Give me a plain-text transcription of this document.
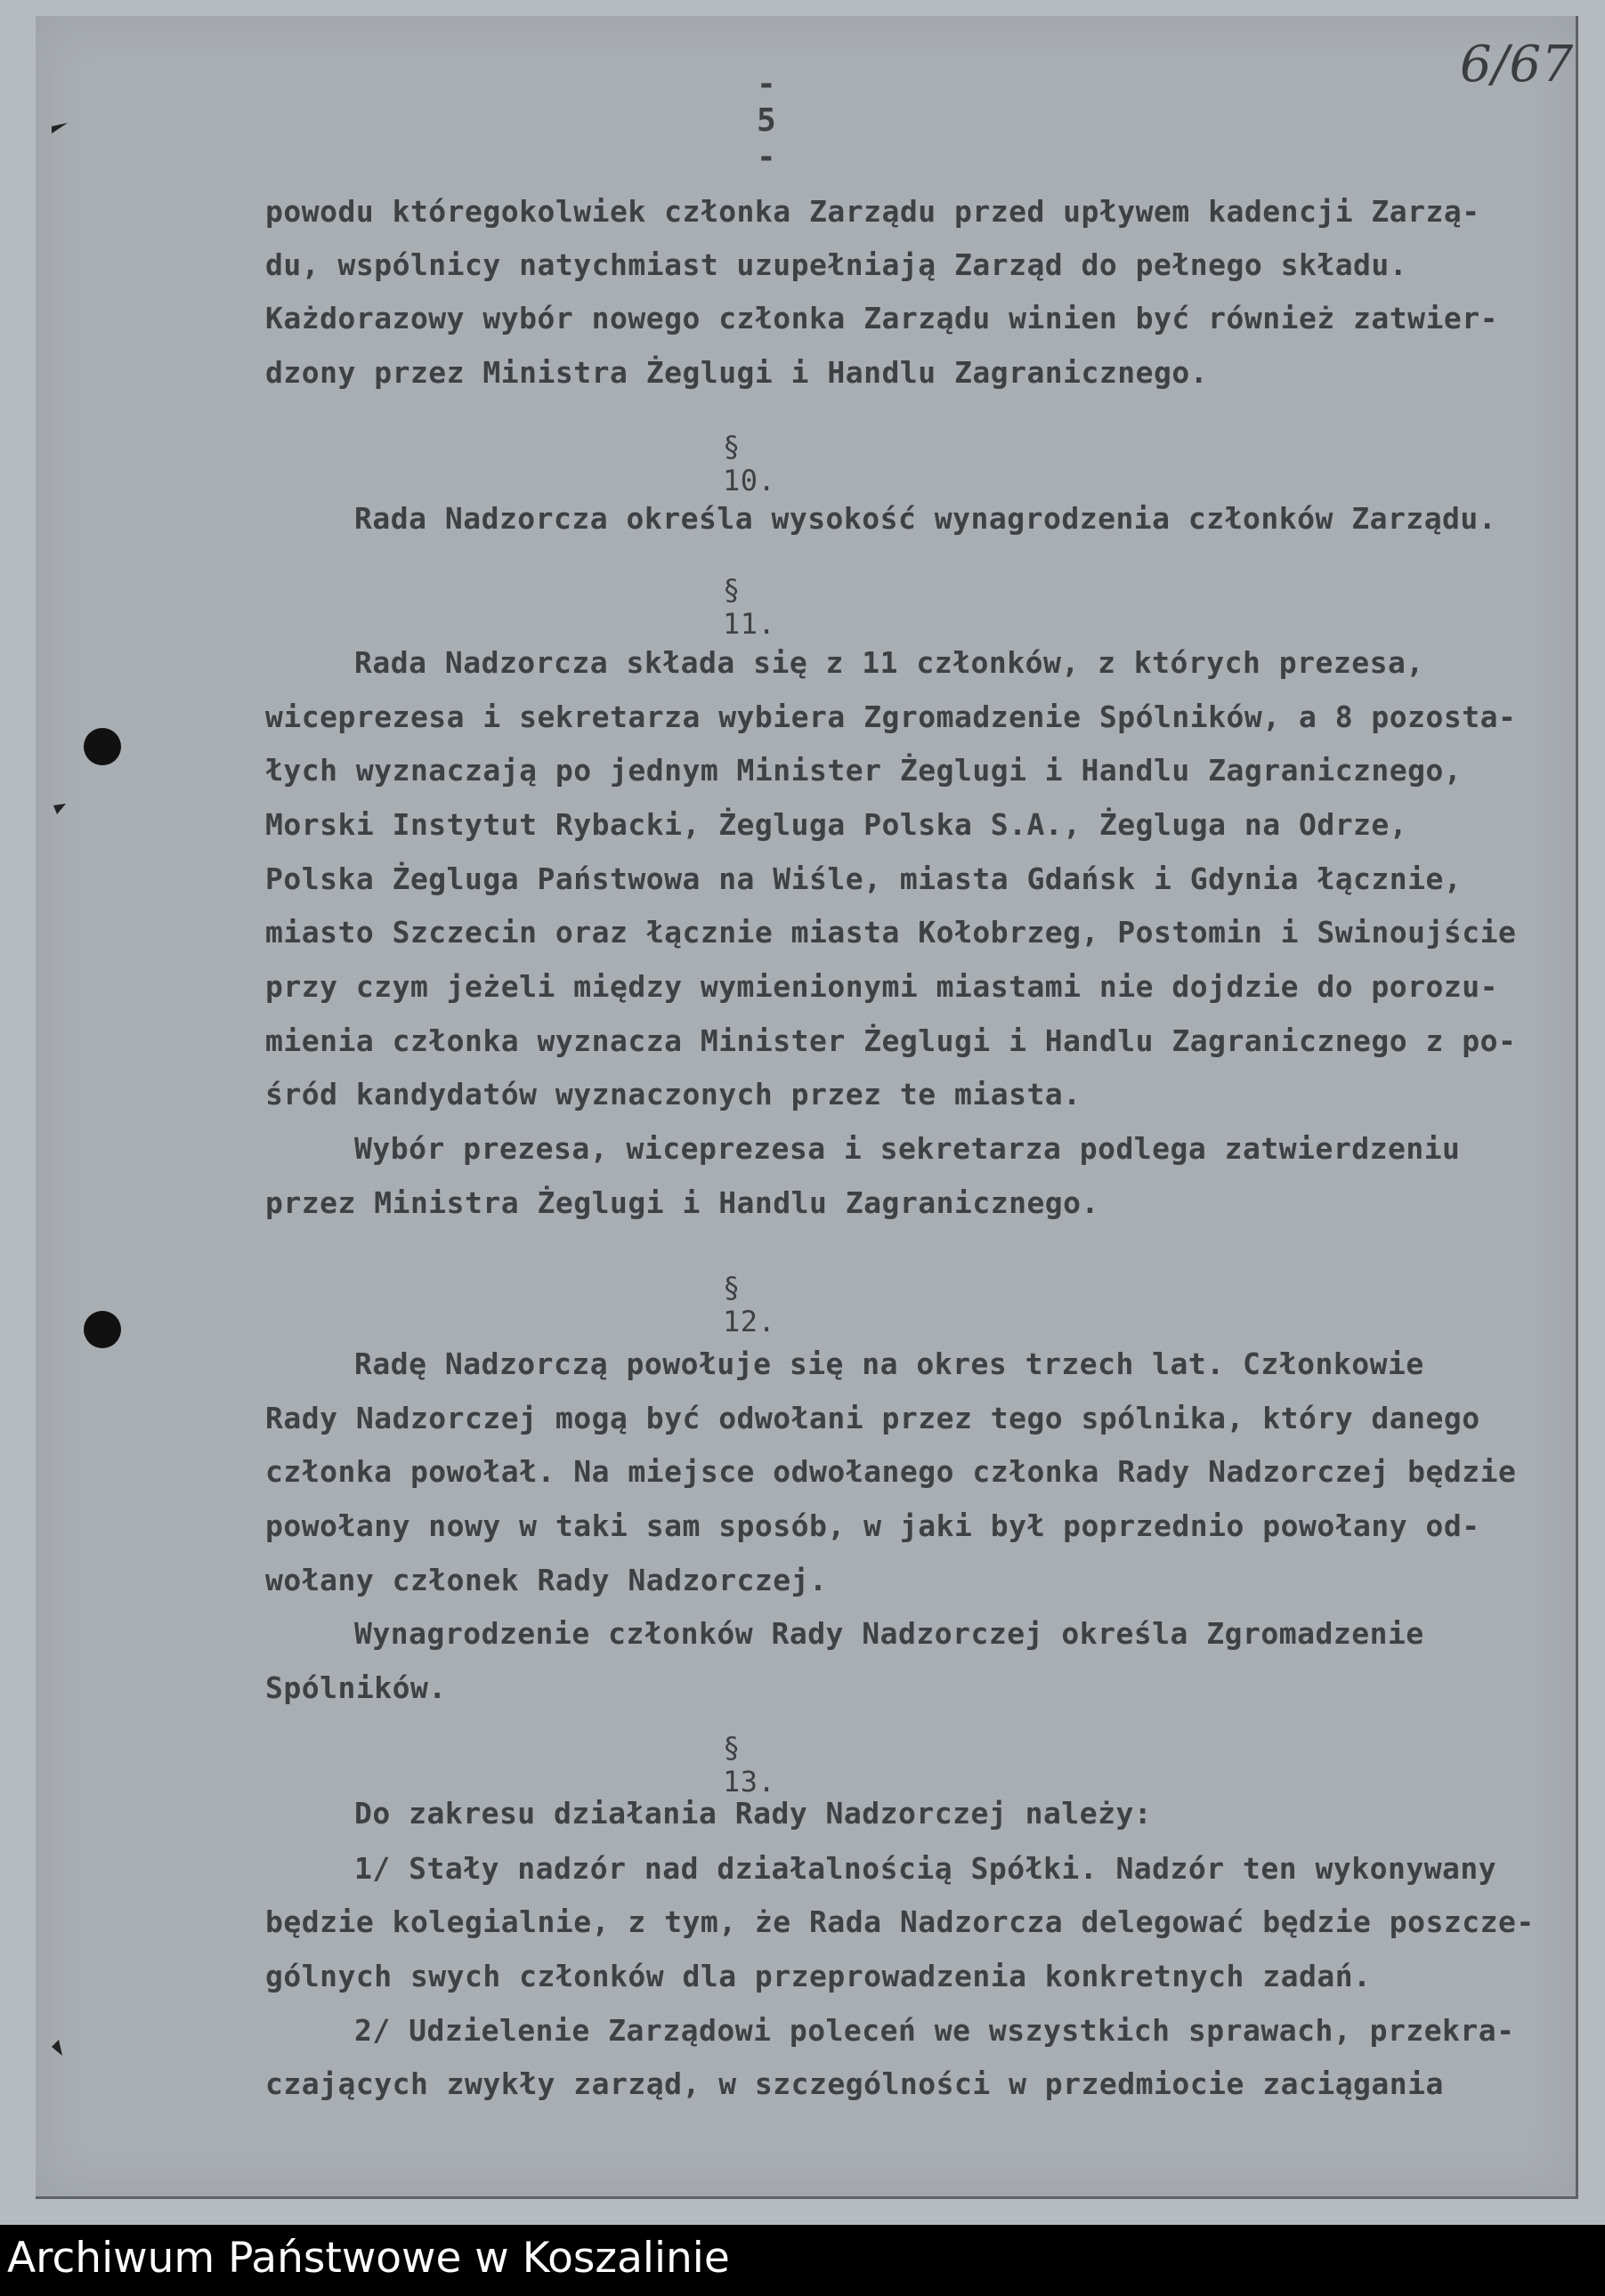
- 5 -
6/67
powodu któregokolwiek członka Zarządu przed upływem kadencji Zarzą-
du, wspólnicy natychmiast uzupełniają Zarząd do pełnego składu.
Każdorazowy wybór nowego członka Zarządu winien być również zatwier-
dzony przez Ministra Żeglugi i Handlu Zagranicznego.
§ 10.
Rada Nadzorcza określa wysokość wynagrodzenia członków Zarządu.
§ 11.
Rada Nadzorcza składa się z 11 członków, z których prezesa,
wiceprezesa i sekretarza wybiera Zgromadzenie Spólników, a 8 pozosta-
łych wyznaczają po jednym Minister Żeglugi i Handlu Zagranicznego,
Morski Instytut Rybacki, Żegluga Polska S.A., Żegluga na Odrze,
Polska Żegluga Państwowa na Wiśle, miasta Gdańsk i Gdynia łącznie,
miasto Szczecin oraz łącznie miasta Kołobrzeg, Postomin i Swinoujście
przy czym jeżeli między wymienionymi miastami nie dojdzie do porozu-
mienia członka wyznacza Minister Żeglugi i Handlu Zagranicznego z po-
śród kandydatów wyznaczonych przez te miasta.
Wybór prezesa, wiceprezesa i sekretarza podlega zatwierdzeniu
przez Ministra Żeglugi i Handlu Zagranicznego.
§ 12.
Radę Nadzorczą powołuje się na okres trzech lat. Członkowie
Rady Nadzorczej mogą być odwołani przez tego spólnika, który danego
członka powołał. Na miejsce odwołanego członka Rady Nadzorczej będzie
powołany nowy w taki sam sposób, w jaki był poprzednio powołany od-
wołany członek Rady Nadzorczej.
Wynagrodzenie członków Rady Nadzorczej określa Zgromadzenie
Spólników.
§ 13.
Do zakresu działania Rady Nadzorczej należy:
1/ Stały nadzór nad działalnością Spółki. Nadzór ten wykonywany
będzie kolegialnie, z tym, że Rada Nadzorcza delegować będzie poszcze-
gólnych swych członków dla przeprowadzenia konkretnych zadań.
2/ Udzielenie Zarządowi poleceń we wszystkich sprawach, przekra-
czających zwykły zarząd, w szczególności w przedmiocie zaciągania
Archiwum Państwowe w Koszalinie
